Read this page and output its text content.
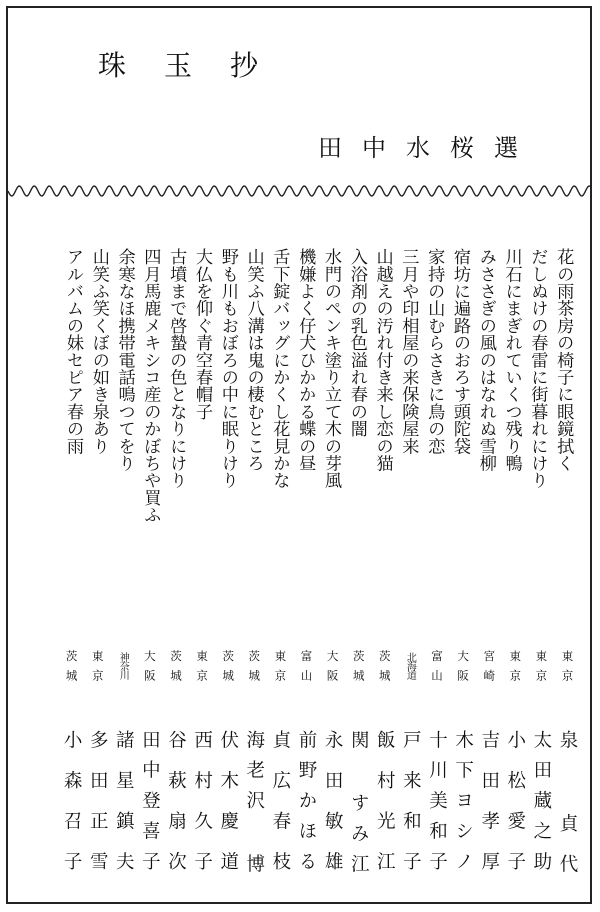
珠玉抄
田中水桜選
花の雨茶房の椅子に眼鏡拭く
だしぬけの春雷に街暮れにけり
川石にまぎれていくつ残り鴨
みささぎの風のはなれぬ雪柳
宿坊に遍路のおろす頭陀袋
家持の山むらさきに鳥の恋
三月や印相屋の来保険屋来
山越えの汚れ付き来し恋の猫
入浴剤の乳色溢れ春の闇
水門のペンキ塗り立て木の芽風
機嫌よく仔犬ひかかる蝶の昼
舌下錠バッグにかくし花見かな
山笑ふ八溝は鬼の棲むところ
野も川もおぼろの中に眠りけり
大仏を仰ぐ青空春帽子
古墳まで啓蟄の色となりにけり
四月馬鹿メキシコ産のかぼちや買ふ
余寒なほ携帯電話鳴つてをり
山笑ふ笑くぼの如き泉あり
アルバムの妹セピア春の雨
東京
泉 貞代
東京
太田蔵之助
東京
小松愛子
宮崎
吉田孝厚
大阪
木下ヨシノ
富山
十川美和子
北海道
戸来和子
茨城
飯村光江
茨城
関 すみ江
大阪
永田敏雄
富山
前野かほる
東京
貞広春枝
茨城
海老沢 博
茨城
伏木慶道
東京
西村久子
茨城
谷萩扇次
大阪
田中登喜子
神奈川
諸星鎮夫
東京
多田正雪
茨城
小森召子
